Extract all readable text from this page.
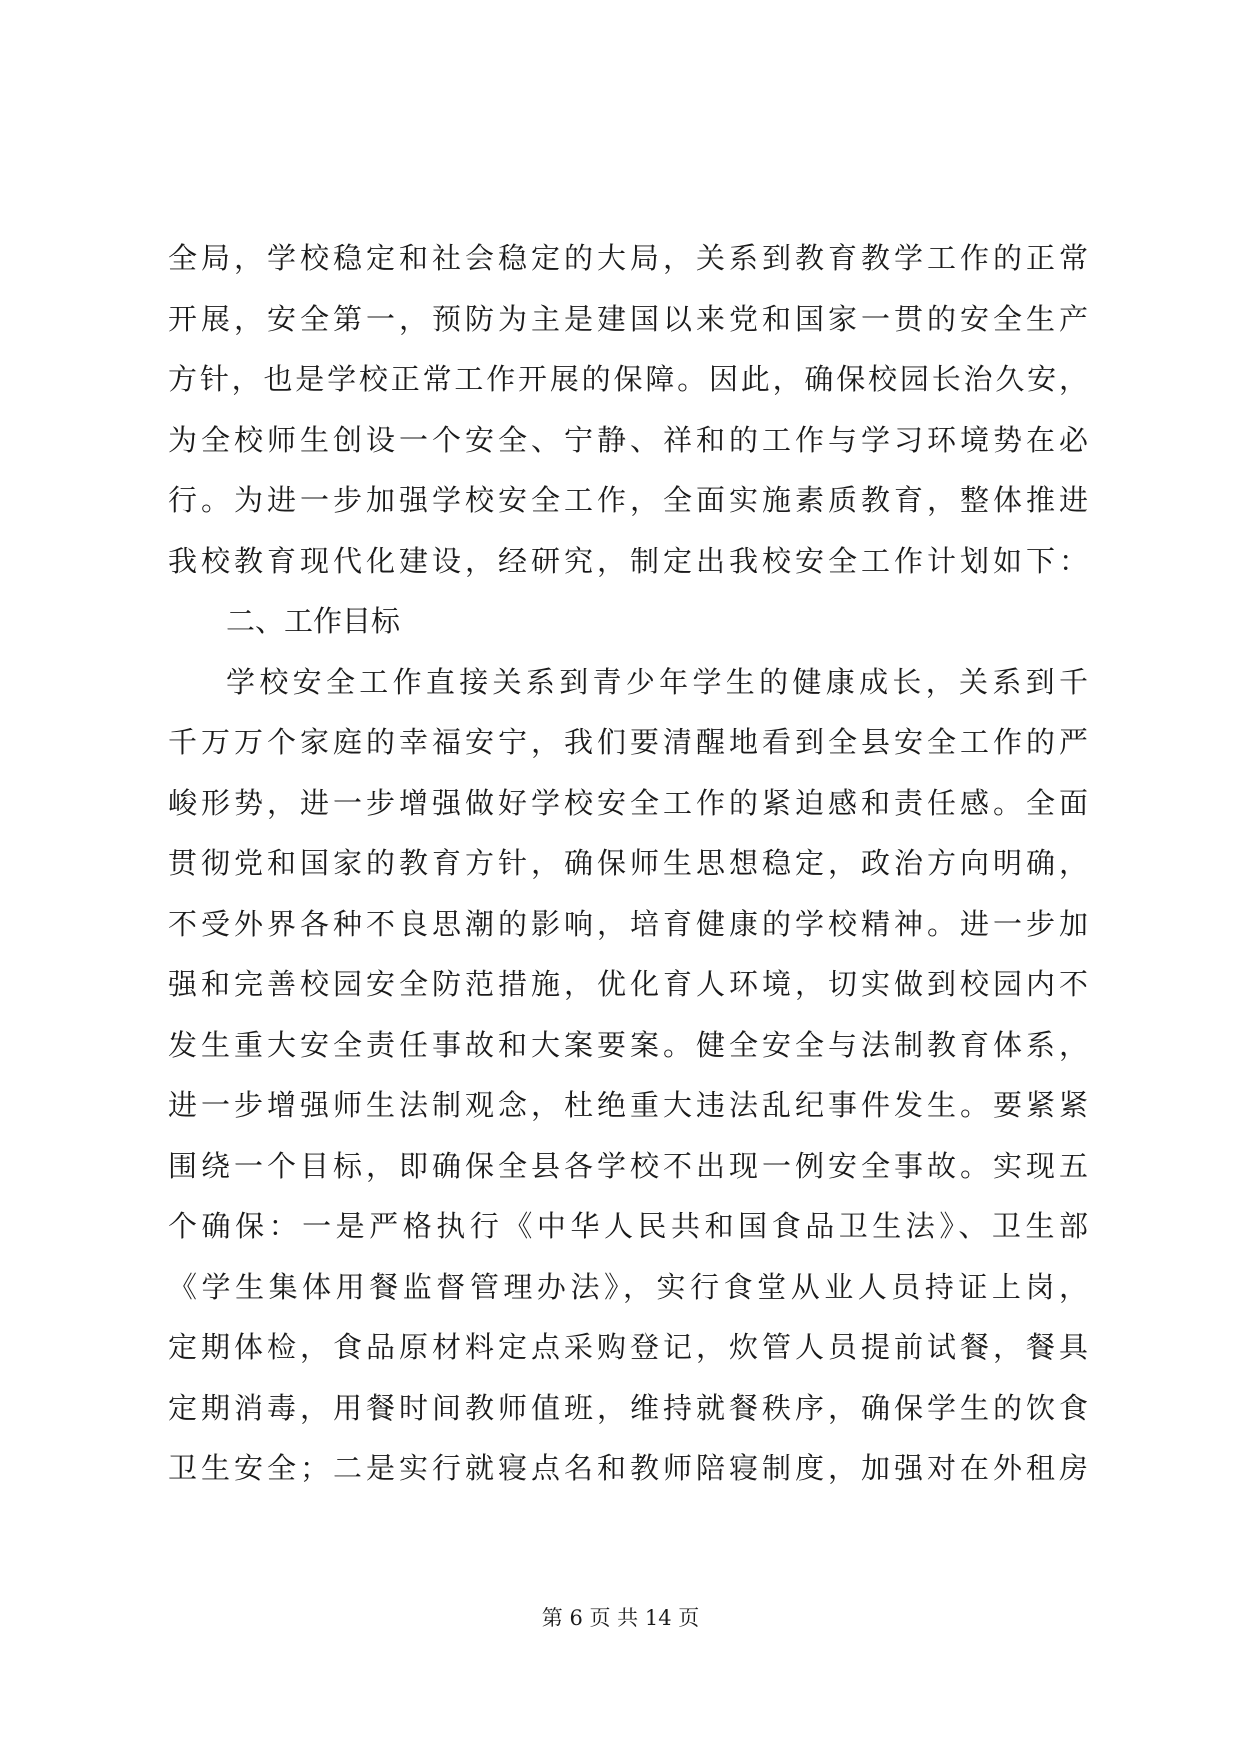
全局，学校稳定和社会稳定的大局，关系到教育教学工作的正常
开展，安全第一，预防为主是建国以来党和国家一贯的安全生产
方针，也是学校正常工作开展的保障。因此，确保校园长治久安，
为全校师生创设一个安全、宁静、祥和的工作与学习环境势在必
行。为进一步加强学校安全工作，全面实施素质教育，整体推进
我校教育现代化建设，经研究，制定出我校安全工作计划如下：
二、工作目标
学校安全工作直接关系到青少年学生的健康成长，关系到千
千万万个家庭的幸福安宁，我们要清醒地看到全县安全工作的严
峻形势，进一步增强做好学校安全工作的紧迫感和责任感。全面
贯彻党和国家的教育方针，确保师生思想稳定，政治方向明确，
不受外界各种不良思潮的影响，培育健康的学校精神。进一步加
强和完善校园安全防范措施，优化育人环境，切实做到校园内不
发生重大安全责任事故和大案要案。健全安全与法制教育体系，
进一步增强师生法制观念，杜绝重大违法乱纪事件发生。要紧紧
围绕一个目标，即确保全县各学校不出现一例安全事故。实现五
个确保：一是严格执行《中华人民共和国食品卫生法》、卫生部
《学生集体用餐监督管理办法》，实行食堂从业人员持证上岗，
定期体检，食品原材料定点采购登记，炊管人员提前试餐，餐具
定期消毒，用餐时间教师值班，维持就餐秩序，确保学生的饮食
卫生安全；二是实行就寝点名和教师陪寝制度，加强对在外租房
第 6 页 共 14 页
